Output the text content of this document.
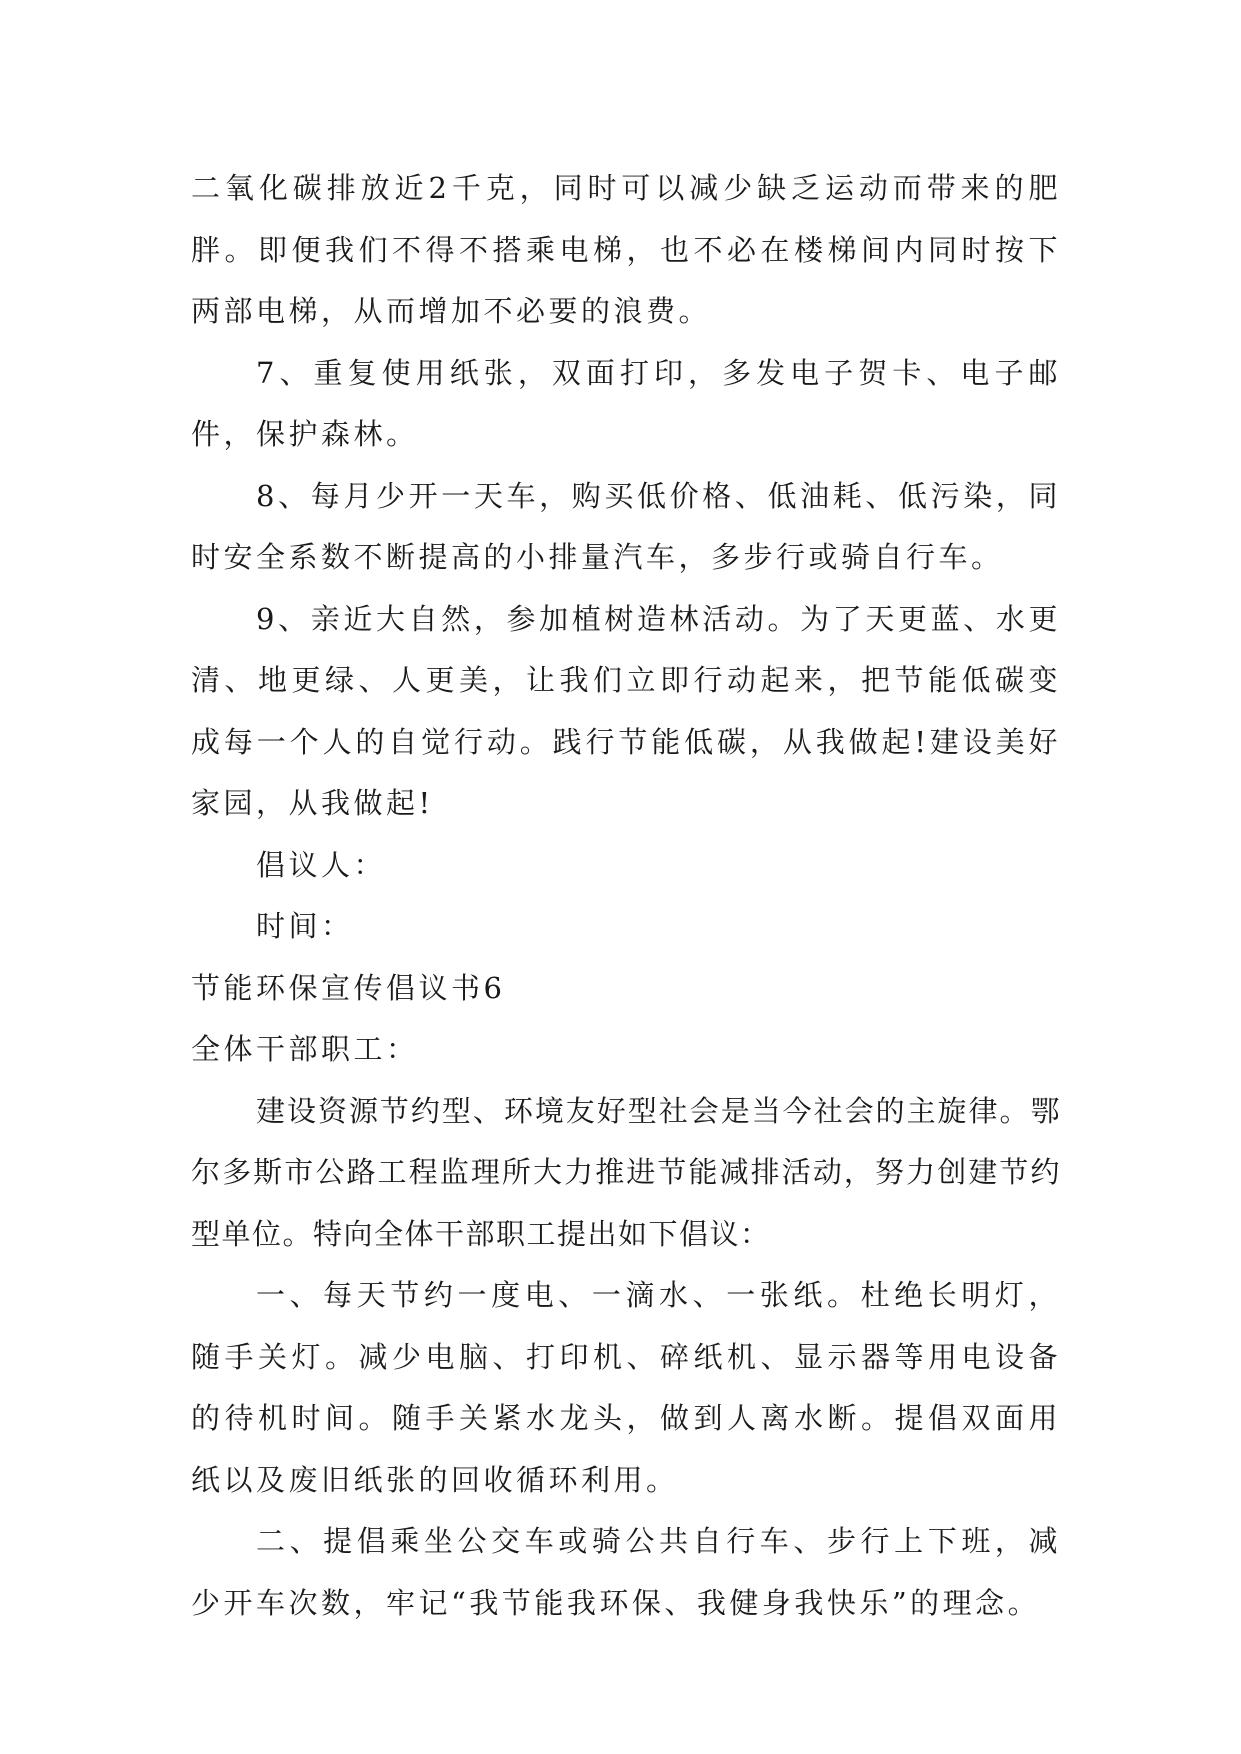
二氧化碳排放近2千克，同时可以减少缺乏运动而带来的肥胖。即便我们不得不搭乘电梯，也不必在楼梯间内同时按下两部电梯，从而增加不必要的浪费。

7、重复使用纸张，双面打印，多发电子贺卡、电子邮件，保护森林。

8、每月少开一天车，购买低价格、低油耗、低污染，同时安全系数不断提高的小排量汽车，多步行或骑自行车。

9、亲近大自然，参加植树造林活动。为了天更蓝、水更清、地更绿、人更美，让我们立即行动起来，把节能低碳变成每一个人的自觉行动。践行节能低碳，从我做起!建设美好家园，从我做起!

倡议人：

时间：

节能环保宣传倡议书6

全体干部职工：

建设资源节约型、环境友好型社会是当今社会的主旋律。鄂尔多斯市公路工程监理所大力推进节能减排活动，努力创建节约型单位。特向全体干部职工提出如下倡议：

一、每天节约一度电、一滴水、一张纸。杜绝长明灯，随手关灯。减少电脑、打印机、碎纸机、显示器等用电设备的待机时间。随手关紧水龙头，做到人离水断。提倡双面用纸以及废旧纸张的回收循环利用。

二、提倡乘坐公交车或骑公共自行车、步行上下班，减少开车次数，牢记“我节能我环保、我健身我快乐”的理念。
